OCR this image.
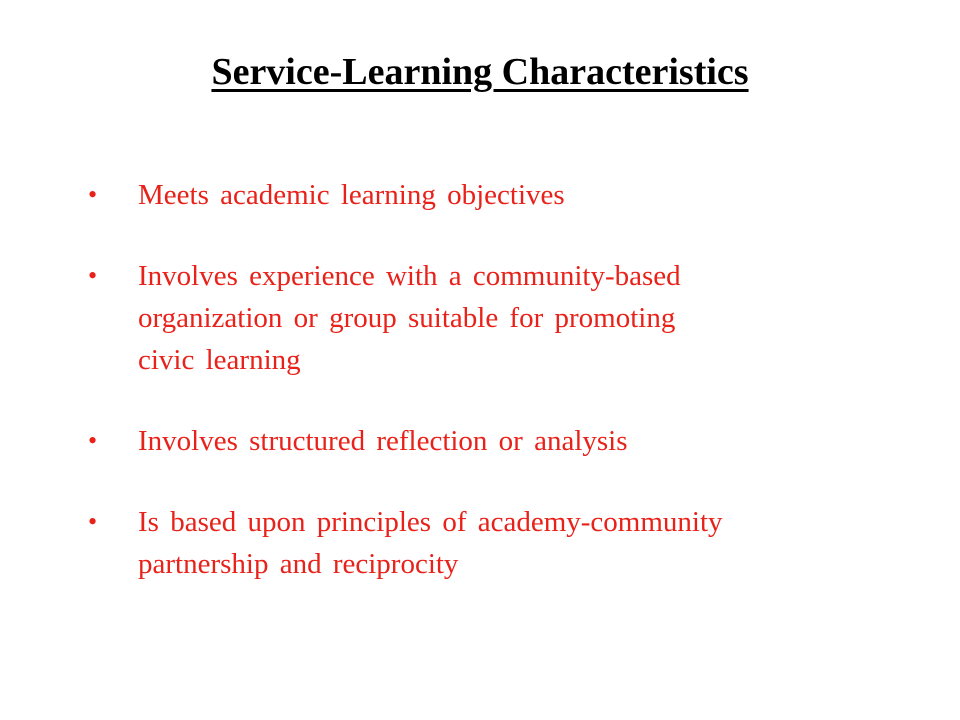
Service-Learning Characteristics
•	Meets academic learning objectives
•	Involves experience with a community-based
organization or group suitable for promoting
civic learning
•	Involves structured reflection or analysis
•	Is based upon principles of academy-community
partnership and reciprocity
